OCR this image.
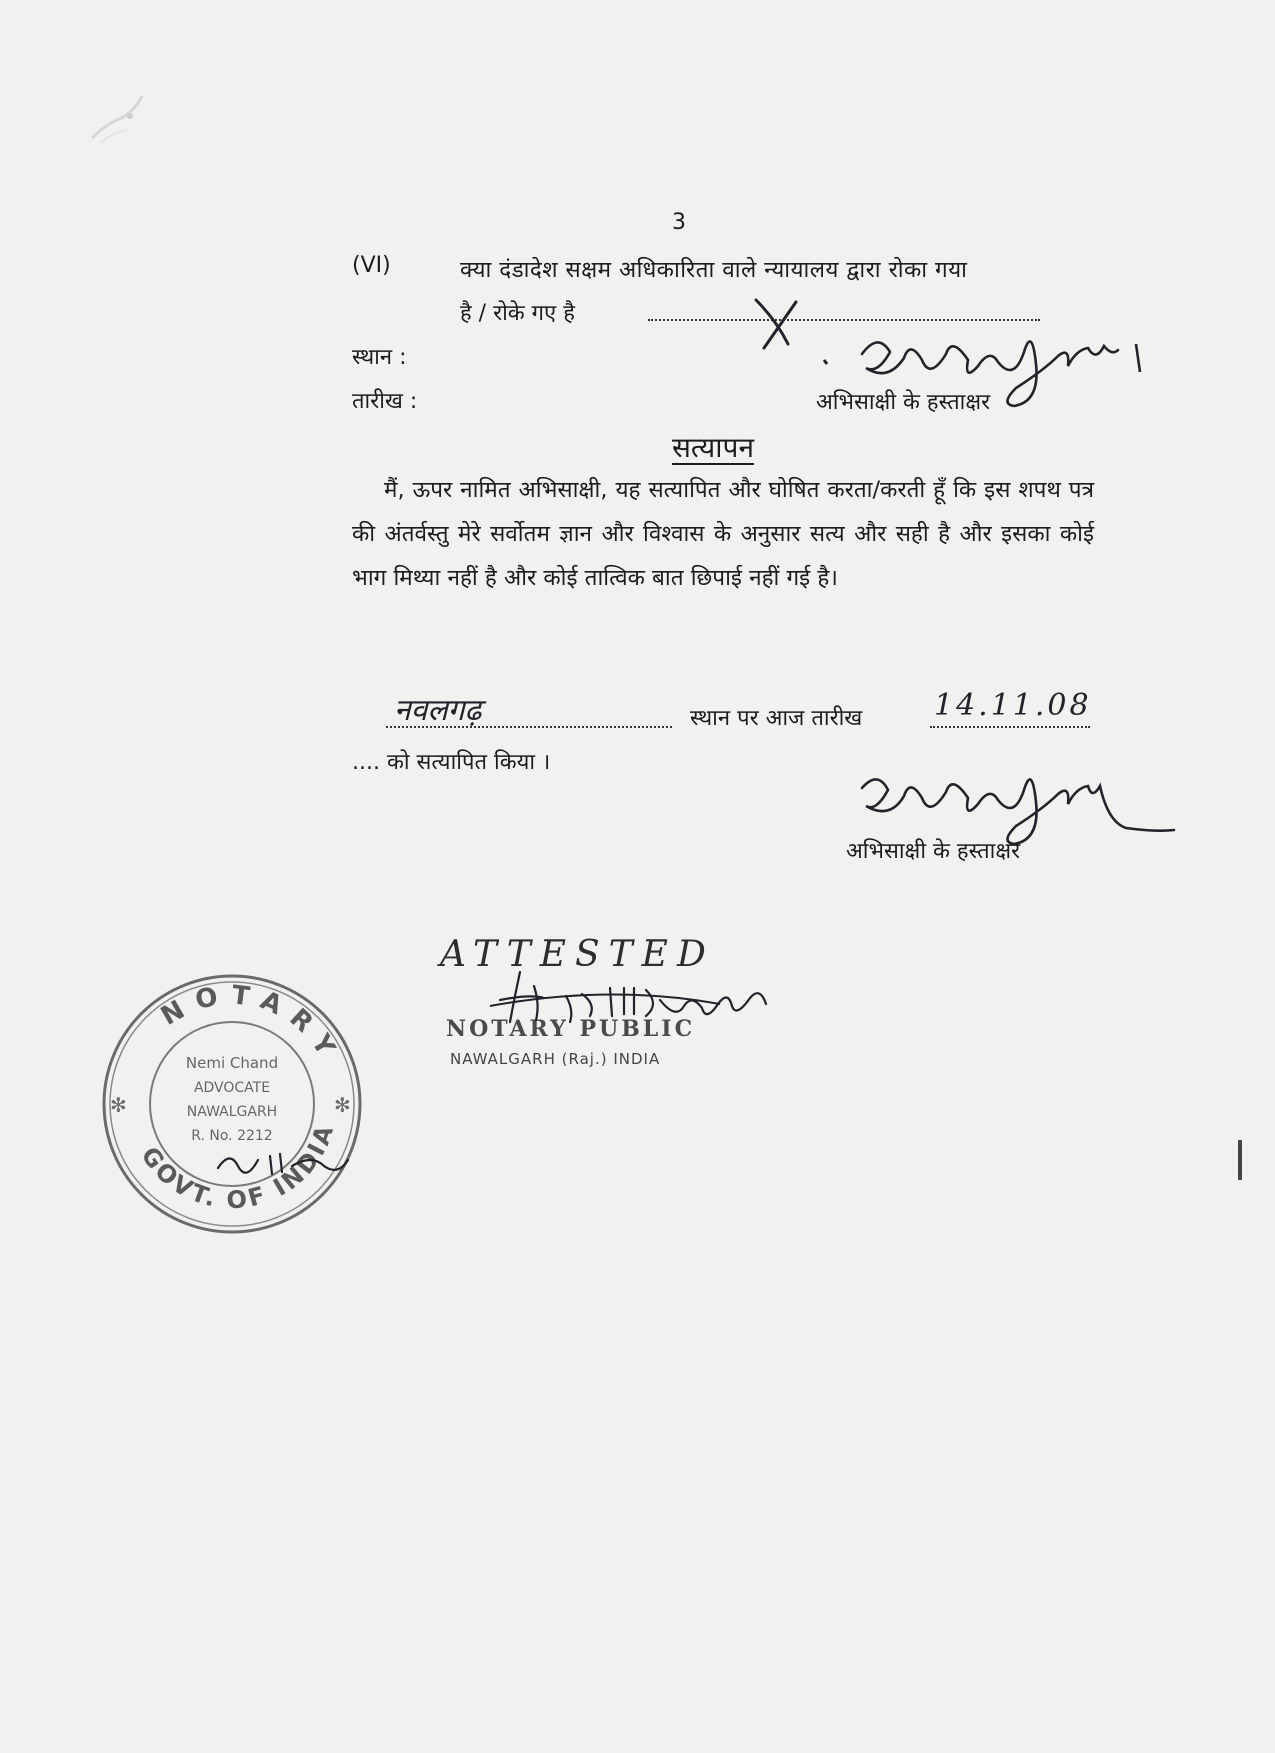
3
(VI)	क्या दंडादेश सक्षम अधिकारिता वाले न्यायालय द्वारा रोका गया
है / रोके गए है
स्थान :
तारीख :	अभिसाक्षी के हस्ताक्षर
सत्यापन
मैं, ऊपर नामित अभिसाक्षी, यह सत्यापित और घोषित करता/करती हूँ कि इस शपथ पत्र की अंतर्वस्तु मेरे सर्वोतम ज्ञान और विश्वास के अनुसार सत्य और सही है और इसका कोई भाग मिथ्या नहीं है और कोई तात्विक बात छिपाई नहीं गई है।
नवलगढ़	स्थान पर आज तारीख 14.11.08
.... को सत्यापित किया ।
अभिसाक्षी के हस्ताक्षर
ATTESTED
NOTARY PUBLIC
NAWALGARH (Raj.) INDIA
NOTARY
GOVT. OF INDIA
✻	✻
Nemi Chand
ADVOCATE
NAWALGARH
R. No. 2212
